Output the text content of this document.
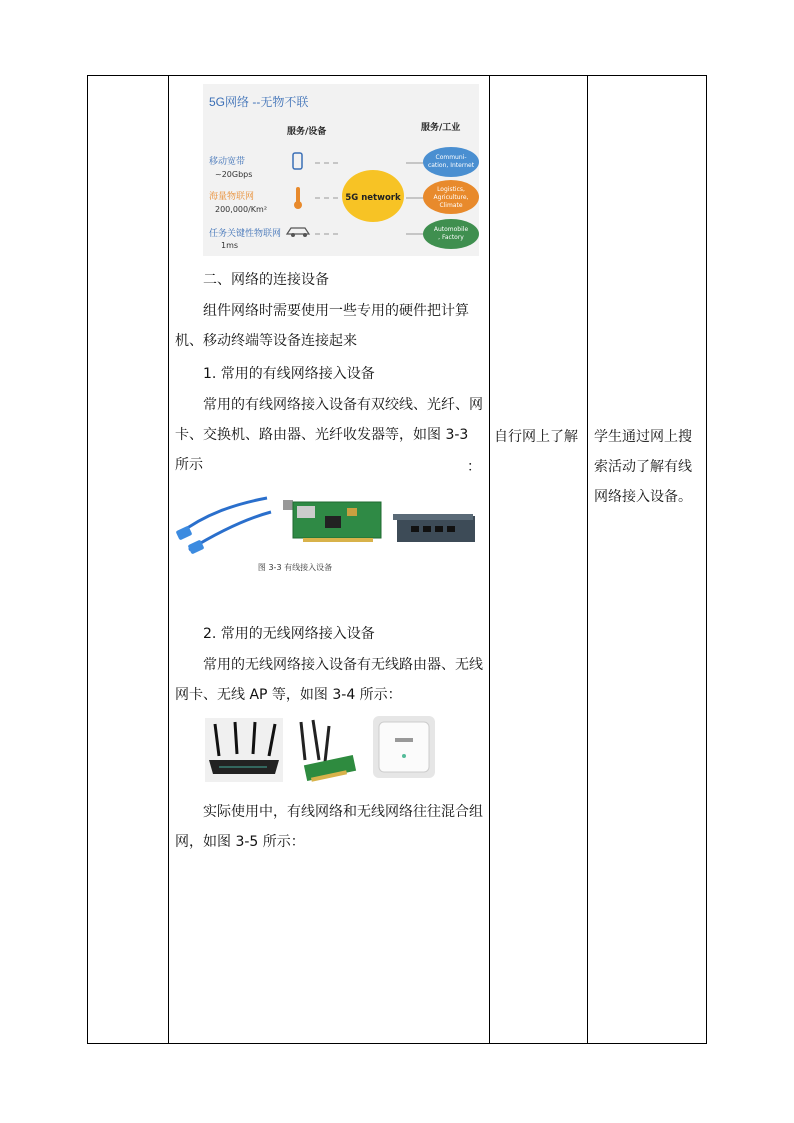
5G网络 --无物不联
服务/设备	服务/工业
移动宽带
~20Gbps
海量物联网
200,000/Km²
任务关键性物联网
1ms
5G network
Communi-
cation, Internet
Logistics,
Agriculture,
Climate
Automobile
, Factory

二、网络的连接设备

组件网络时需要使用一些专用的硬件把计算机、移动终端等设备连接起来

1. 常用的有线网络接入设备

常用的有线网络接入设备有双绞线、光纤、网卡、交换机、路由器、光纤收发器等，如图 3-3 所示	：
图 3-3 有线接入设备

2. 常用的无线网络接入设备

常用的无线网络接入设备有无线路由器、无线网卡、无线 AP 等，如图 3-4 所示：

实际使用中，有线网络和无线网络往往混合组网，如图 3-5 所示：

自行网上了解	学生通过网上搜索活动了解有线网络接入设备。
